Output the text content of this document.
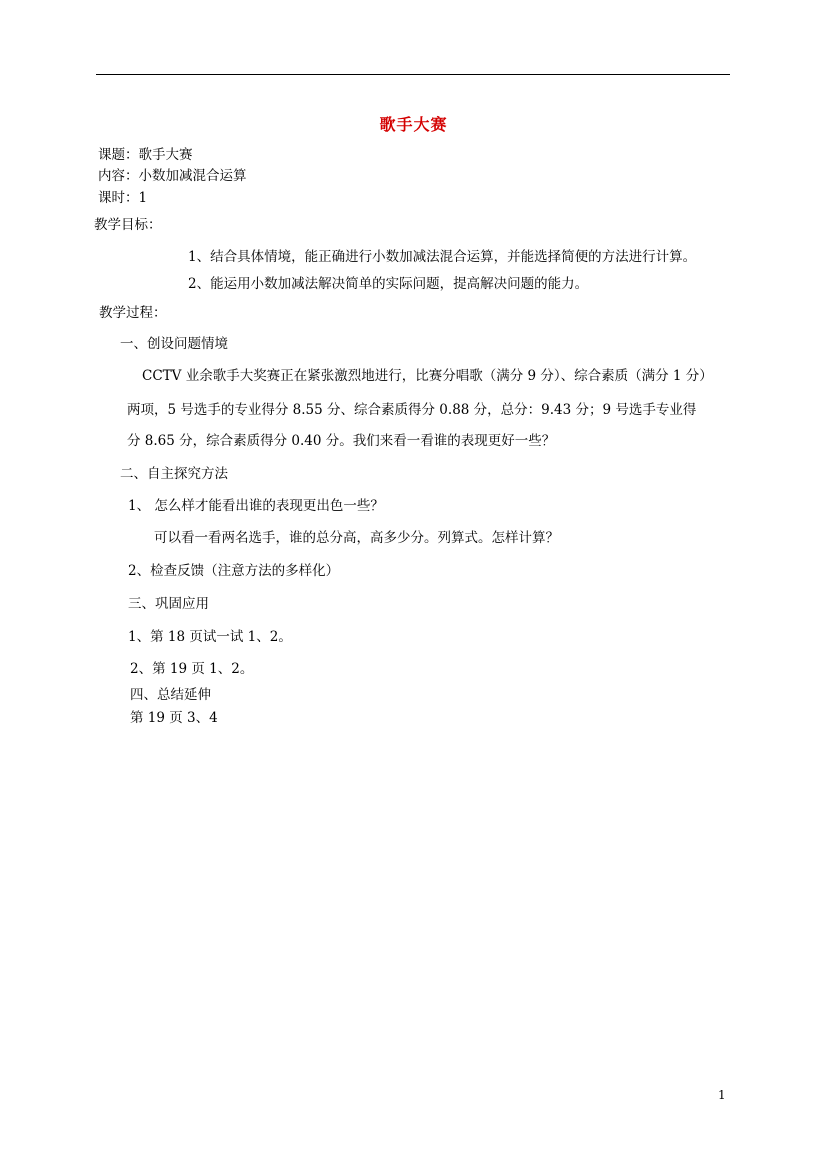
歌手大赛
课题：歌手大赛
内容：小数加减混合运算
课时：1
教学目标：
1、结合具体情境，能正确进行小数加减法混合运算，并能选择简便的方法进行计算。
2、能运用小数加减法解决简单的实际问题，提高解决问题的能力。
教学过程：
一、创设问题情境
CCTV 业余歌手大奖赛正在紧张激烈地进行，比赛分唱歌（满分 9 分）、综合素质（满分 1 分）
两项，5 号选手的专业得分 8.55 分、综合素质得分 0.88 分，总分：9.43 分；9 号选手专业得
分 8.65 分，综合素质得分 0.40 分。我们来看一看谁的表现更好一些？
二、自主探究方法
1、 怎么样才能看出谁的表现更出色一些？
可以看一看两名选手，谁的总分高，高多少分。列算式。怎样计算？
2、检查反馈（注意方法的多样化）
三、巩固应用
1、第 18 页试一试 1、2。
2、第 19 页 1、2。
四、总结延伸
第 19 页 3、4
1
